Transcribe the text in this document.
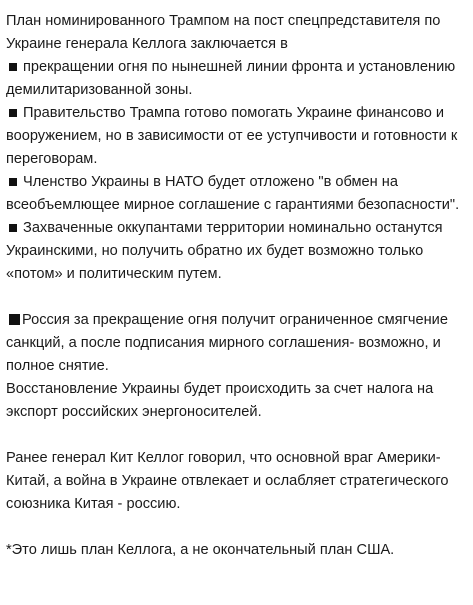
План номинированного Трампом на пост спецпредставителя по Украине генерала Келлога заключается в

прекращении огня по нынешней линии фронта и установлению демилитаризованной зоны.

Правительство Трампа готово помогать Украине финансово и вооружением, но в зависимости от ее уступчивости и готовности к переговорам.

Членство Украины в НАТО будет отложено "в обмен на всеобъемлющее мирное соглашение с гарантиями безопасности".

Захваченные оккупантами территории номинально останутся Украинскими, но получить обратно их будет возможно только «потом» и политическим путем.

Россия за прекращение огня получит ограниченное смягчение санкций, а после подписания мирного соглашения- возможно, и полное снятие.

Восстановление Украины будет происходить за счет налога на экспорт российских энергоносителей.

Ранее генерал Кит Келлог говорил, что основной враг Америки- Китай, а война в Украине отвлекает и ослабляет стратегического союзника Китая - россию.

*Это лишь план Келлога, а не окончательный план США.
